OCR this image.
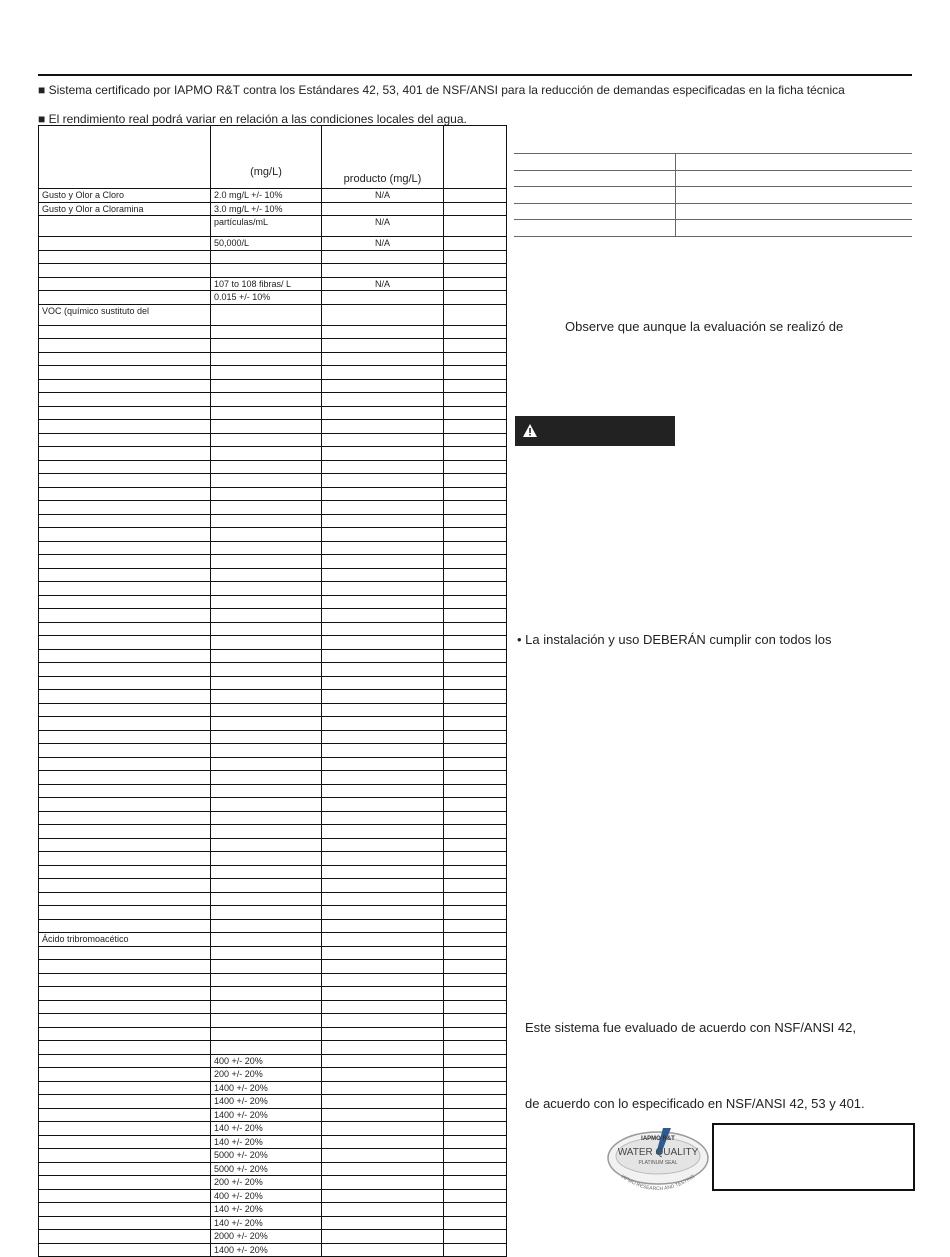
■ Sistema certificado por IAPMO R&T contra los Estándares 42, 53, 401 de NSF/ANSI para la reducción de demandas especificadas en la ficha técnica
■ El rendimiento real podrá variar en relación a las condiciones locales del agua.
	(mg/L)	producto (mg/L)	
Gusto y Olor a Cloro	2.0 mg/L +/- 10%	N/A	
Gusto y Olor a Cloramina	3.0 mg/L +/- 10%		
	partículas/mL	N/A	
	50,000/L	N/A	

	107 to 108 fibras/ L	N/A	
	0.015 +/- 10%		
VOC (químico sustituto del			

Ácido tribromoacético			

	400 +/- 20%		
	200 +/- 20%		
	1400 +/- 20%		
	1400 +/- 20%		
	1400 +/- 20%		
	140 +/- 20%		
	140 +/- 20%		
	5000 +/- 20%		
	5000 +/- 20%		
	200 +/- 20%		
	400 +/- 20%		
	140 +/- 20%		
	140 +/- 20%		
	2000 +/- 20%		
	1400 +/- 20%		
Observe que aunque la evaluación se realizó de
• La instalación y uso DEBERÁN cumplir con todos los
Este sistema fue evaluado de acuerdo con NSF/ANSI 42,
de acuerdo con lo especificado en NSF/ANSI 42, 53 y 401.
IAPMO R&T
WATER QUALITY
PLATINUM SEAL
IAPMO RESEARCH AND TESTING
